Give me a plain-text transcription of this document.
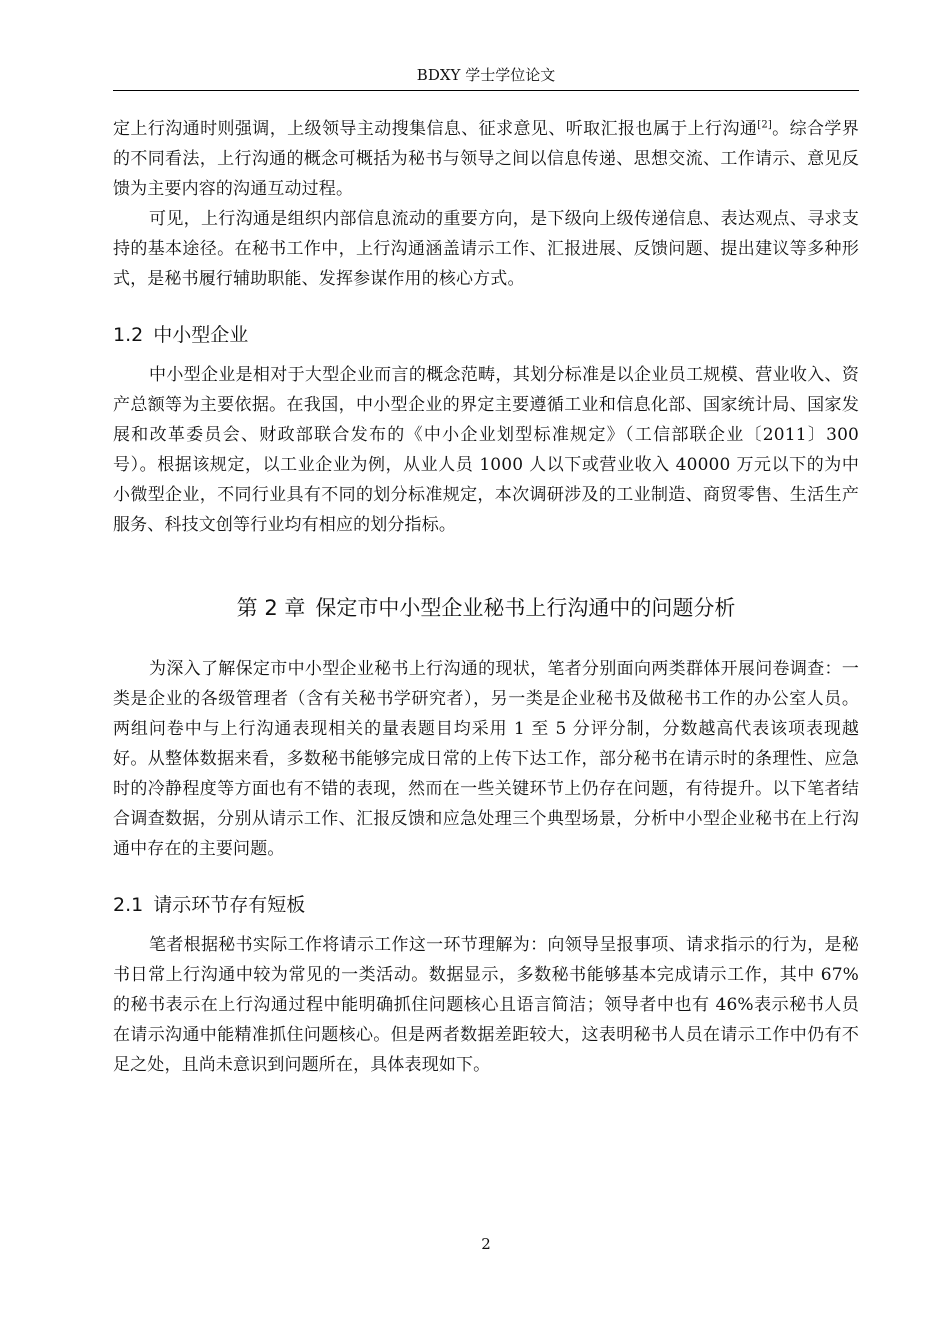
BDXY 学士学位论文

定上行沟通时则强调，上级领导主动搜集信息、征求意见、听取汇报也属于上行沟通[2]。综合学界的不同看法，上行沟通的概念可概括为秘书与领导之间以信息传递、思想交流、工作请示、意见反馈为主要内容的沟通互动过程。

可见，上行沟通是组织内部信息流动的重要方向，是下级向上级传递信息、表达观点、寻求支持的基本途径。在秘书工作中，上行沟通涵盖请示工作、汇报进展、反馈问题、提出建议等多种形式，是秘书履行辅助职能、发挥参谋作用的核心方式。

1.2 中小型企业

中小型企业是相对于大型企业而言的概念范畴，其划分标准是以企业员工规模、营业收入、资产总额等为主要依据。在我国，中小型企业的界定主要遵循工业和信息化部、国家统计局、国家发展和改革委员会、财政部联合发布的《中小企业划型标准规定》（工信部联企业〔2011〕300 号）。根据该规定，以工业企业为例，从业人员 1000 人以下或营业收入 40000 万元以下的为中小微型企业，不同行业具有不同的划分标准规定，本次调研涉及的工业制造、商贸零售、生活生产服务、科技文创等行业均有相应的划分指标。

第 2 章 保定市中小型企业秘书上行沟通中的问题分析

为深入了解保定市中小型企业秘书上行沟通的现状，笔者分别面向两类群体开展问卷调查：一类是企业的各级管理者（含有关秘书学研究者），另一类是企业秘书及做秘书工作的办公室人员。两组问卷中与上行沟通表现相关的量表题目均采用 1 至 5 分评分制，分数越高代表该项表现越好。从整体数据来看，多数秘书能够完成日常的上传下达工作，部分秘书在请示时的条理性、应急时的冷静程度等方面也有不错的表现，然而在一些关键环节上仍存在问题，有待提升。以下笔者结合调查数据，分别从请示工作、汇报反馈和应急处理三个典型场景，分析中小型企业秘书在上行沟通中存在的主要问题。

2.1 请示环节存有短板

笔者根据秘书实际工作将请示工作这一环节理解为：向领导呈报事项、请求指示的行为，是秘书日常上行沟通中较为常见的一类活动。数据显示，多数秘书能够基本完成请示工作，其中 67%的秘书表示在上行沟通过程中能明确抓住问题核心且语言简洁；领导者中也有 46%表示秘书人员在请示沟通中能精准抓住问题核心。但是两者数据差距较大，这表明秘书人员在请示工作中仍有不足之处，且尚未意识到问题所在，具体表现如下。

2
